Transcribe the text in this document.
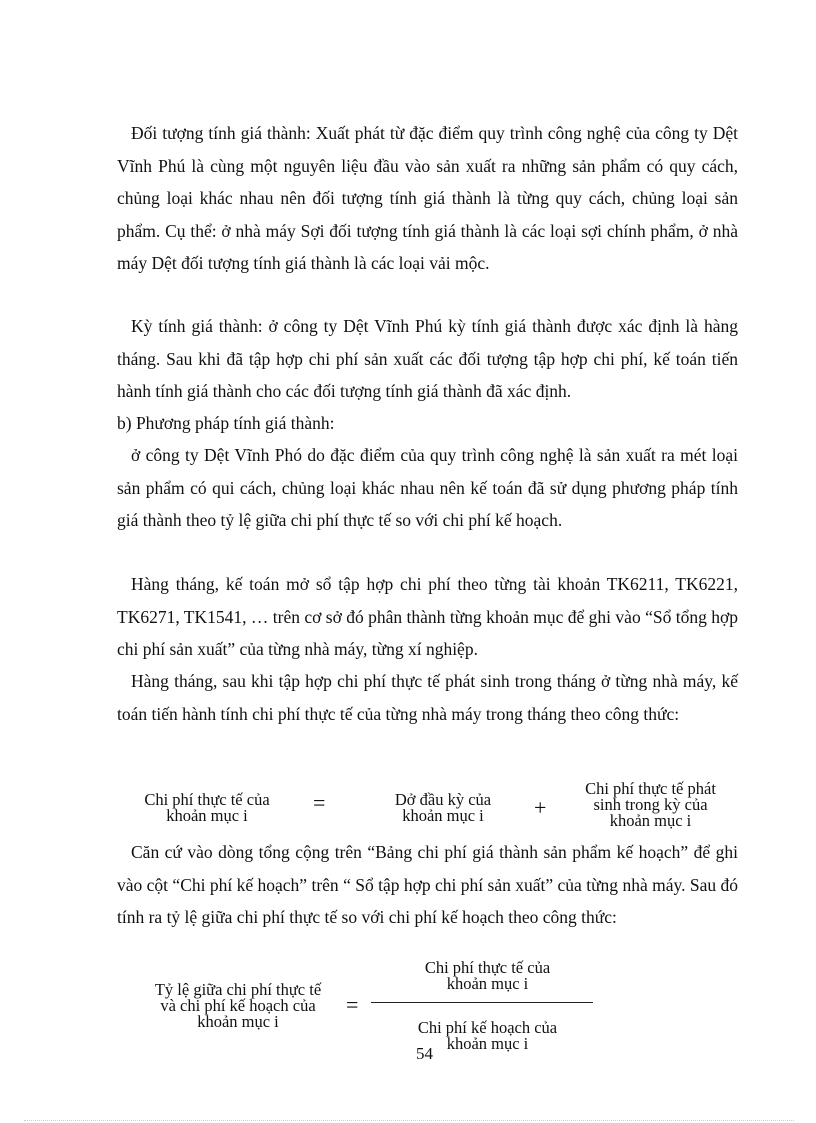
Đối tượng tính giá thành: Xuất phát từ đặc điểm quy trình công nghệ của công ty Dệt Vĩnh Phú là cùng một nguyên liệu đầu vào sản xuất ra những sản phẩm có quy cách, chủng loại khác nhau nên đối tượng tính giá thành là từng quy cách, chủng loại sản phẩm. Cụ thể: ở nhà máy Sợi đối tượng tính giá thành là các loại sợi chính phẩm, ở nhà máy Dệt đối tượng tính giá thành là các loại vải mộc.

Kỳ tính giá thành: ở công ty Dệt Vĩnh Phú kỳ tính giá thành được xác định là hàng tháng. Sau khi đã tập hợp chi phí sản xuất các đối tượng tập hợp chi phí, kế toán tiến hành tính giá thành cho các đối tượng tính giá thành đã xác định.

b) Phương pháp tính giá thành:

ở công ty Dệt Vĩnh Phó do đặc điểm của quy trình công nghệ là sản xuất ra mét loại sản phẩm có qui cách, chủng loại khác nhau nên kế toán đã sử dụng phương pháp tính giá thành theo tỷ lệ giữa chi phí thực tế so với chi phí kế hoạch.

Hàng tháng, kế toán mở sổ tập hợp chi phí theo từng tài khoản TK6211, TK6221, TK6271, TK1541, … trên cơ sở đó phân thành từng khoản mục để ghi vào “Sổ tổng hợp chi phí sản xuất” của từng nhà máy, từng xí nghiệp.

Hàng tháng, sau khi tập hợp chi phí thực tế phát sinh trong tháng ở từng nhà máy, kế toán tiến hành tính chi phí thực tế của từng nhà máy trong tháng theo công thức:

Chi phí thực tế của
khoản mục i
=	Dở đầu kỳ của
khoản mục i	+
Chi phí thực tế phát
sinh trong kỳ của
khoản mục i

Căn cứ vào dòng tổng cộng trên “Bảng chi phí giá thành sản phẩm kế hoạch” để ghi vào cột “Chi phí kế hoạch” trên “ Sổ tập hợp chi phí sản xuất” của từng nhà máy. Sau đó tính ra tỷ lệ giữa chi phí thực tế so với chi phí kế hoạch theo công thức:

Tỷ lệ giữa chi phí thực tế
và chi phí kế hoạch của
khoản mục i
=
Chi phí thực tế của
khoản mục i
Chi phí kế hoạch của
khoản mục i
54
